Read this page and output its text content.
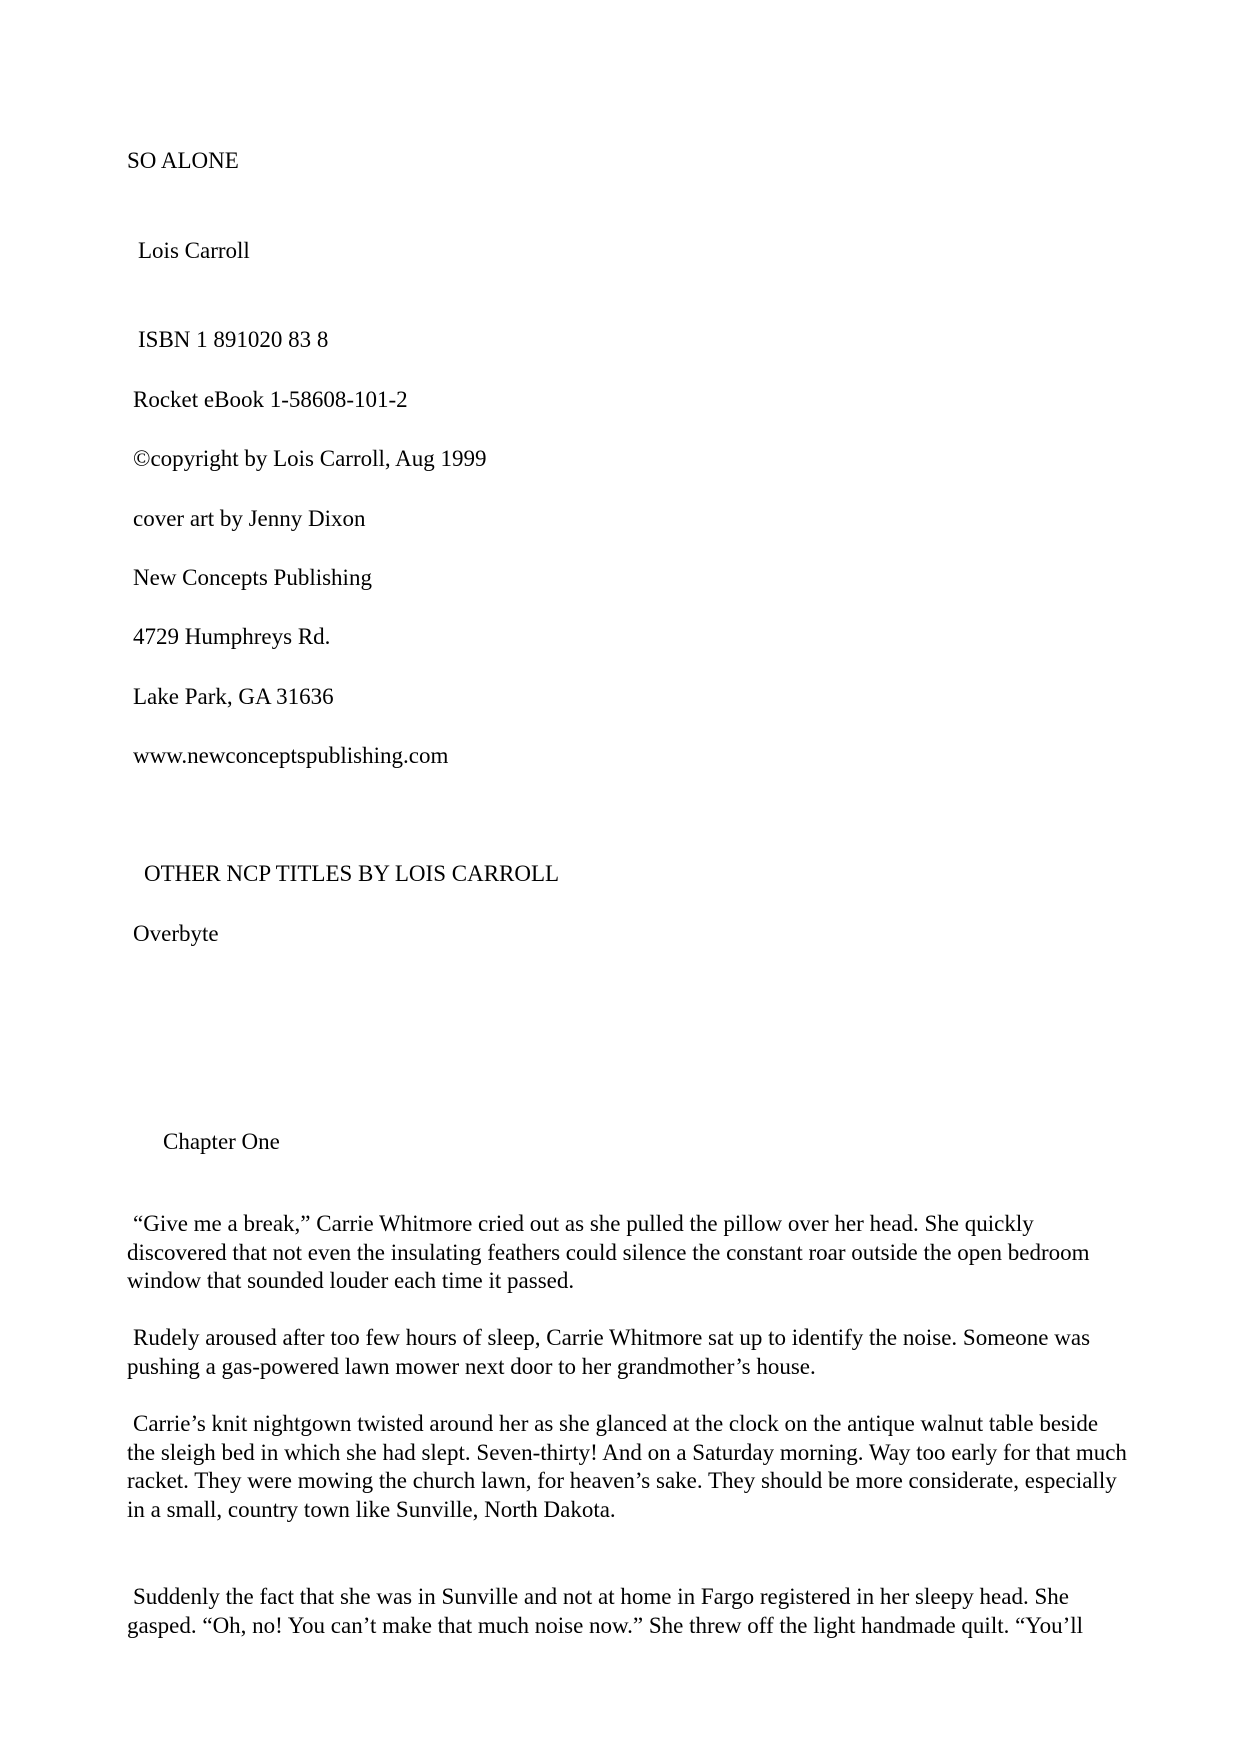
SO ALONE
Lois Carroll
ISBN 1 891020 83 8
Rocket eBook 1-58608-101-2
©copyright by Lois Carroll, Aug 1999
cover art by Jenny Dixon
New Concepts Publishing
4729 Humphreys Rd.
Lake Park, GA 31636
www.newconceptspublishing.com
OTHER NCP TITLES BY LOIS CARROLL
Overbyte
Chapter One

“Give me a break,” Carrie Whitmore cried out as she pulled the pillow over her head. She quickly discovered that not even the insulating feathers could silence the constant roar outside the open bedroom window that sounded louder each time it passed.

Rudely aroused after too few hours of sleep, Carrie Whitmore sat up to identify the noise. Someone was pushing a gas-powered lawn mower next door to her grandmother’s house.

Carrie’s knit nightgown twisted around her as she glanced at the clock on the antique walnut table beside the sleigh bed in which she had slept. Seven-thirty! And on a Saturday morning. Way too early for that much racket. They were mowing the church lawn, for heaven’s sake. They should be more considerate, especially in a small, country town like Sunville, North Dakota.

Suddenly the fact that she was in Sunville and not at home in Fargo registered in her sleepy head. She gasped. “Oh, no! You can’t make that much noise now.” She threw off the light handmade quilt. “You’ll
